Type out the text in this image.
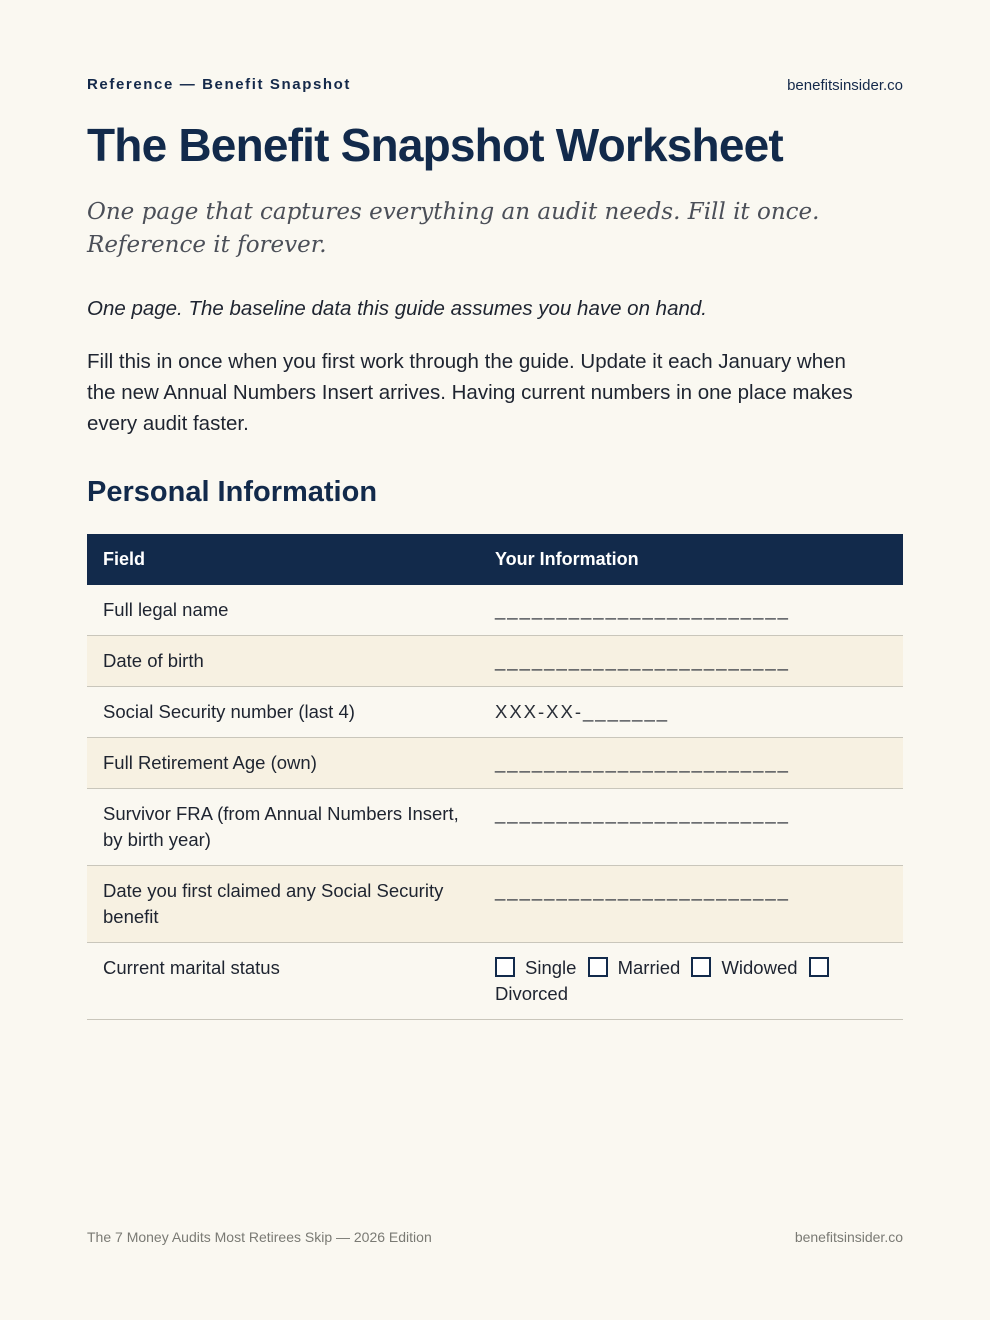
Reference — Benefit Snapshot	benefitsinsider.co
The Benefit Snapshot Worksheet

One page that captures everything an audit needs. Fill it once. Reference it forever.

One page. The baseline data this guide assumes you have on hand.

Fill this in once when you first work through the guide. Update it each January when the new Annual Numbers Insert arrives. Having current numbers in one place makes every audit faster.

Personal Information
Field	Your Information
Full legal name	________________________
Date of birth	________________________
Social Security number (last 4)	XXX-XX-_______
Full Retirement Age (own)	________________________
Survivor FRA (from Annual Numbers Insert, by birth year)	________________________
Date you first claimed any Social Security benefit	________________________
Current marital status	Single Married Widowed Divorced
The 7 Money Audits Most Retirees Skip — 2026 Edition	benefitsinsider.co
